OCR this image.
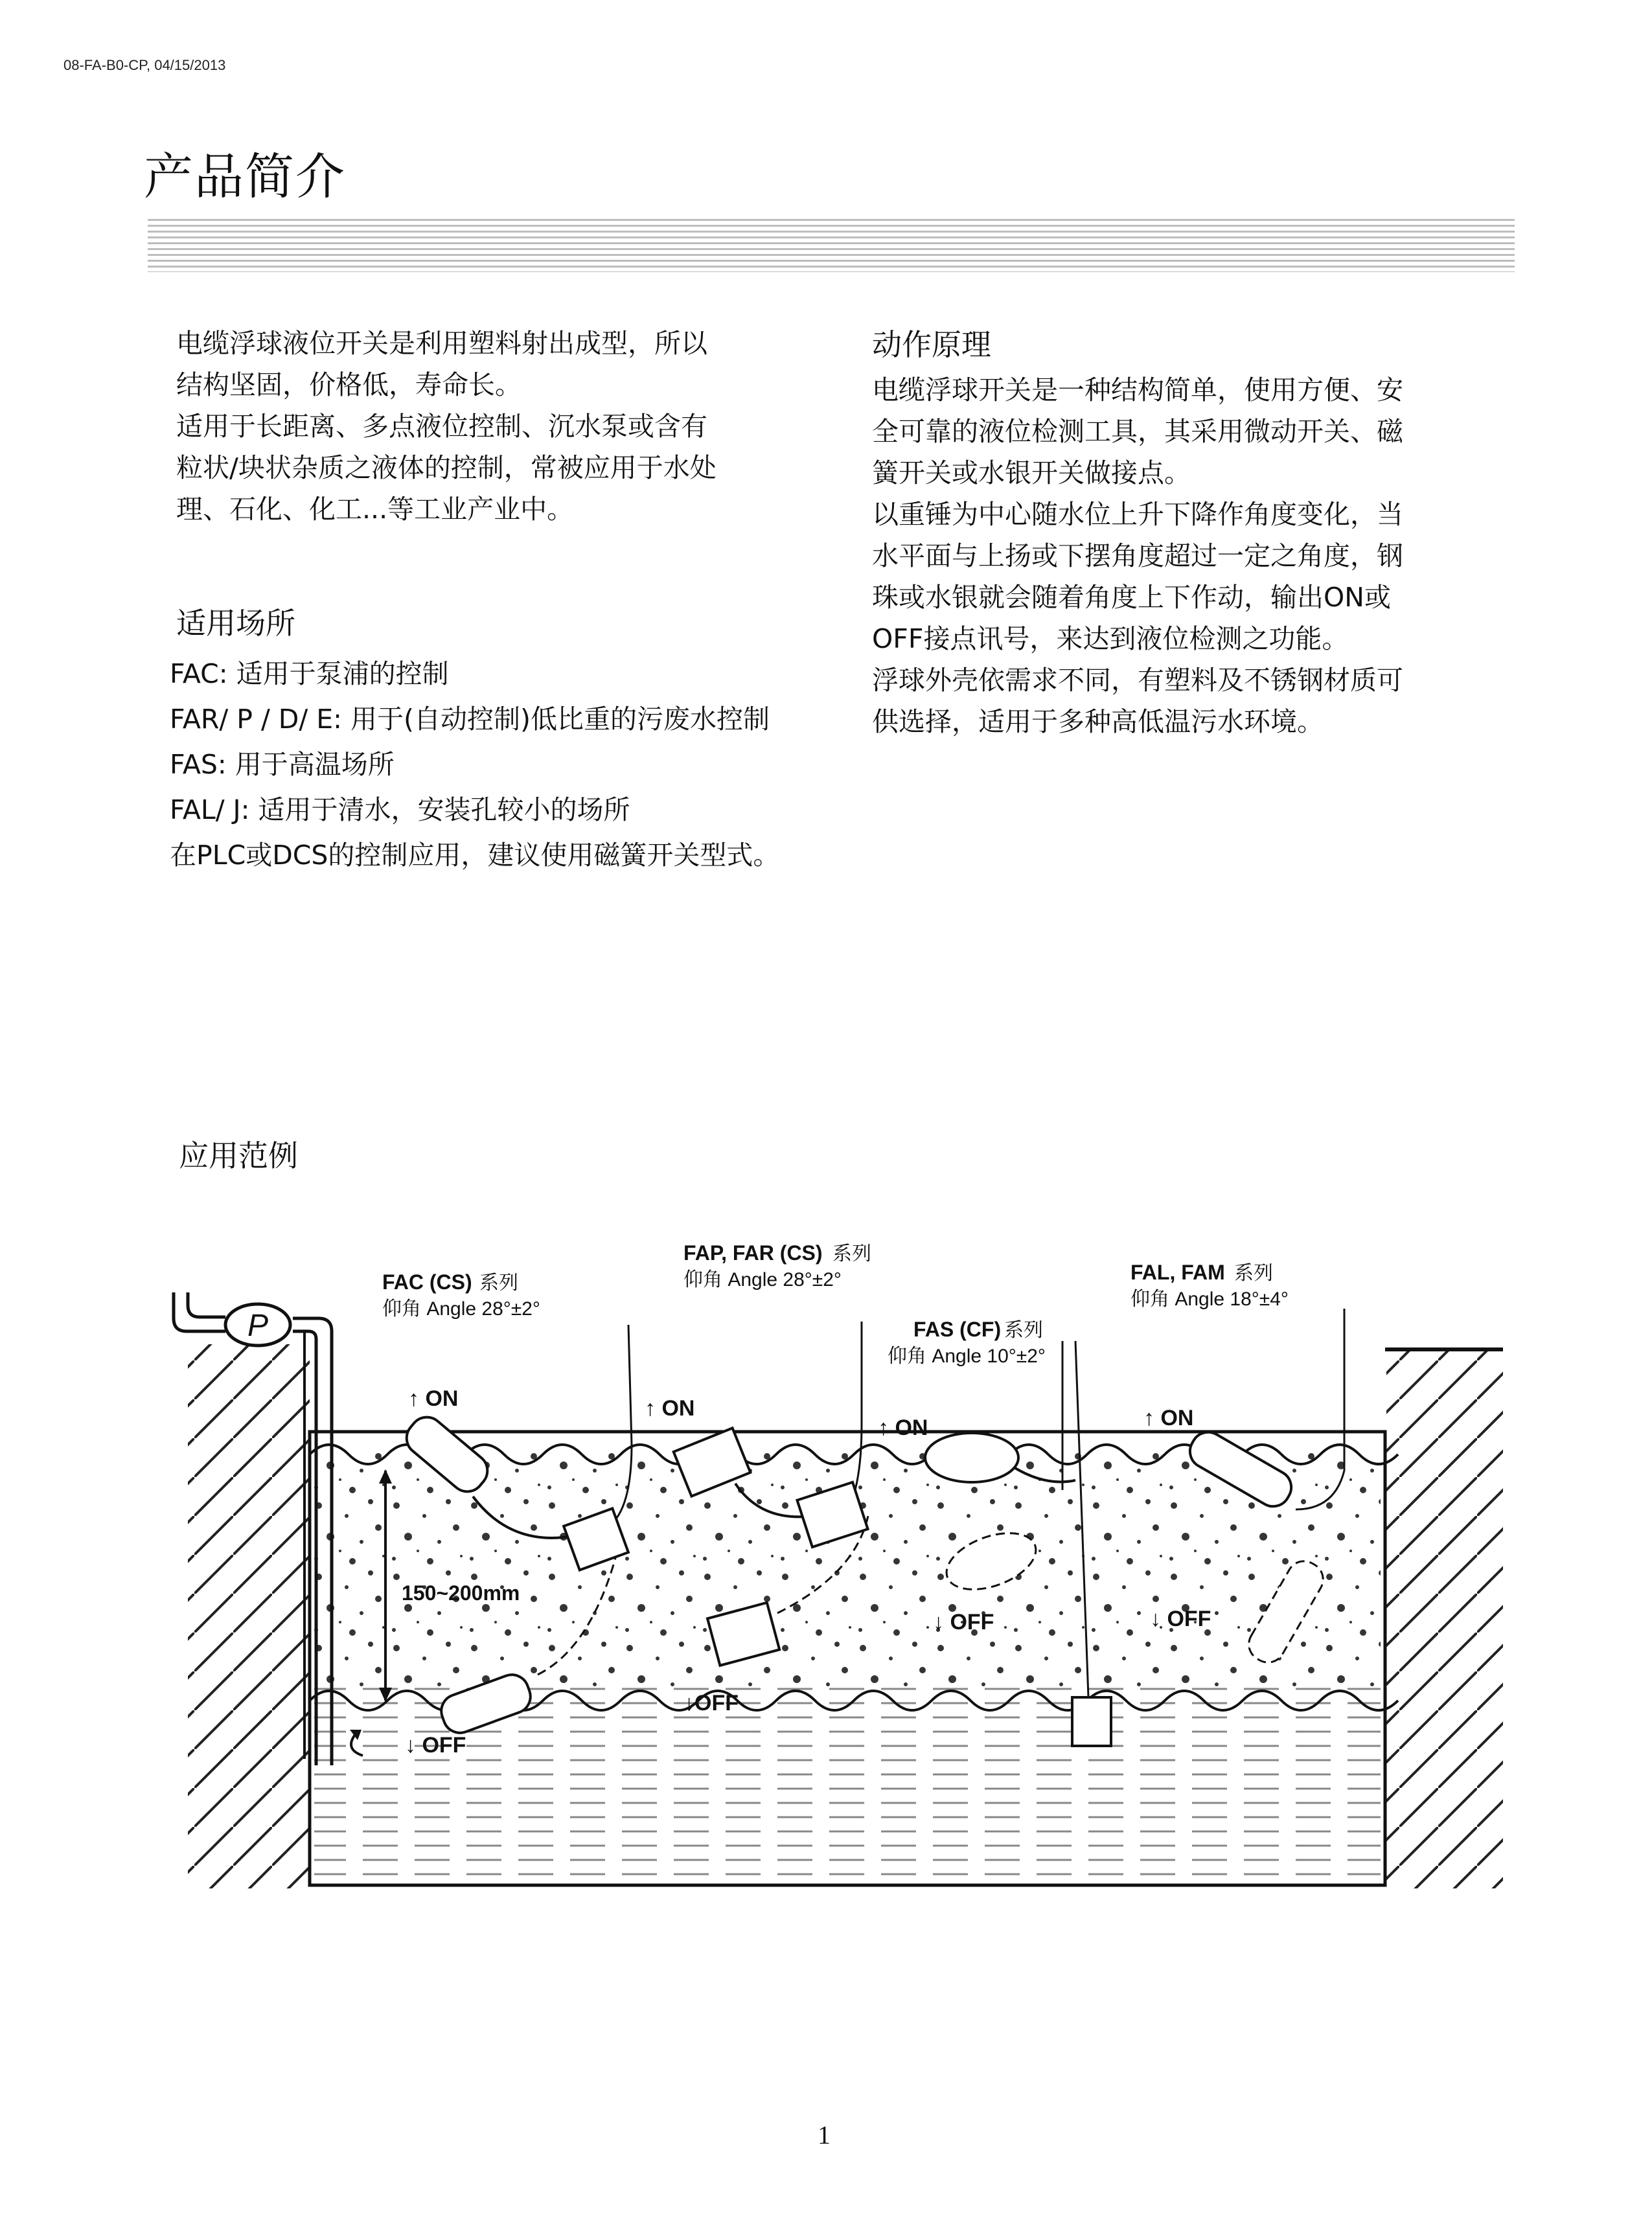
08-FA-B0-CP, 04/15/2013
产品简介
电缆浮球液位开关是利用塑料射出成型，所以
结构坚固，价格低，寿命长。
适用于长距离、多点液位控制、沉水泵或含有
粒状/块状杂质之液体的控制，常被应用于水处
理、石化、化工...等工业产业中。
适用场所
FAC: 适用于泵浦的控制
FAR/ P / D/ E: 用于(自动控制)低比重的污废水控制
FAS: 用于高温场所
FAL/ J: 适用于清水，安装孔较小的场所
在PLC或DCS的控制应用，建议使用磁簧开关型式。
动作原理
电缆浮球开关是一种结构简单，使用方便、安
全可靠的液位检测工具，其采用微动开关、磁
簧开关或水银开关做接点。
以重锤为中心随水位上升下降作角度变化，当
水平面与上扬或下摆角度超过一定之角度，钢
珠或水银就会随着角度上下作动，输出ON或
OFF接点讯号，来达到液位检测之功能。
浮球外壳依需求不同，有塑料及不锈钢材质可
供选择，适用于多种高低温污水环境。
应用范例
P
150~200mm
FAC (CS) 系列
仰角 Angle 28°±2°
FAP, FAR (CS) 系列
仰角 Angle 28°±2°
FAS (CF) 系列
仰角 Angle 10°±2°
FAL, FAM 系列
仰角 Angle 18°±4°
↑ ON	↑ ON
↑ ON	↑ ON
↓ OFF
↓OFF
↓ OFF	↓ OFF
1
